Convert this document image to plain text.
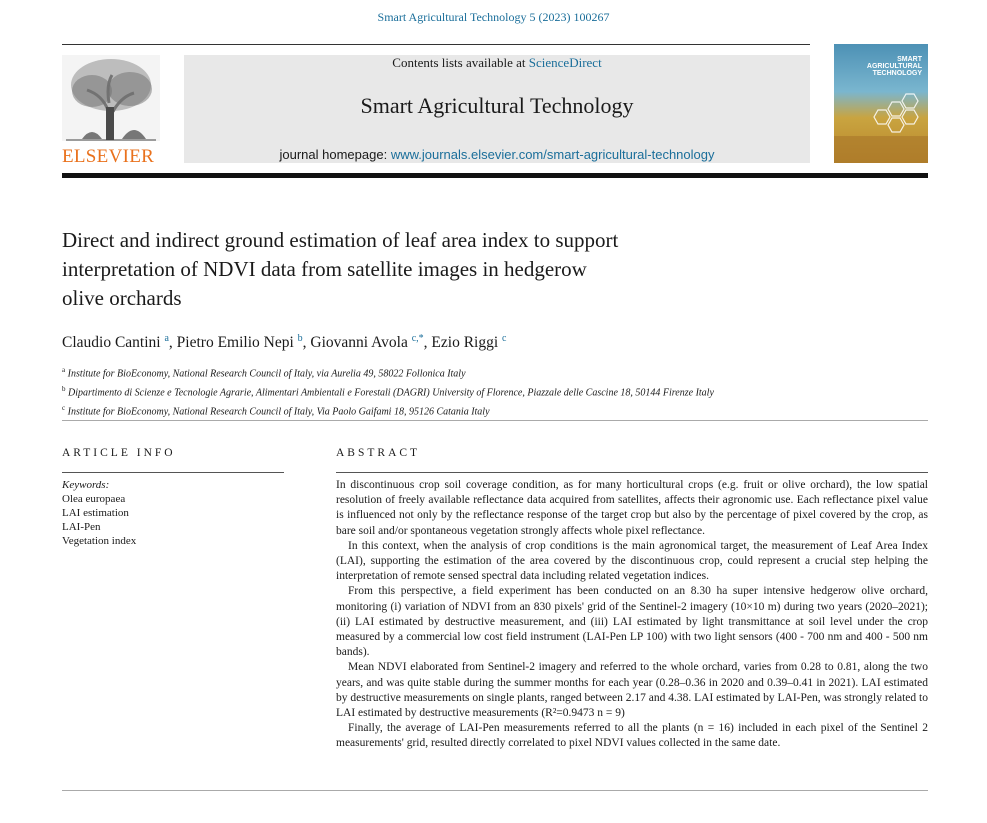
Smart Agricultural Technology 5 (2023) 100267
ELSEVIER
Contents lists available at ScienceDirect
Smart Agricultural Technology
journal homepage: www.journals.elsevier.com/smart-agricultural-technology
SMART
AGRICULTURAL
TECHNOLOGY
Direct and indirect ground estimation of leaf area index to support
interpretation of NDVI data from satellite images in hedgerow
olive orchards
Claudio Cantini $^a$, Pietro Emilio Nepi $^b$, Giovanni Avola $^{c,*}$, Ezio Riggi $^c$
$^a$ Institute for BioEconomy, National Research Council of Italy, via Aurelia 49, 58022 Follonica Italy
$^b$ Dipartimento di Scienze e Tecnologie Agrarie, Alimentari Ambientali e Forestali (DAGRI) University of Florence, Piazzale delle Cascine 18, 50144 Firenze Italy
$^c$ Institute for BioEconomy, National Research Council of Italy, Via Paolo Gaifami 18, 95126 Catania Italy
ARTICLE INFO	ABSTRACT
Keywords:
Olea europaea
LAI estimation
LAI-Pen
Vegetation index

In discontinuous crop soil coverage condition, as for many horticultural crops (e.g. fruit or olive orchard), the low spatial resolution of freely available reflectance data acquired from satellites, affects their agronomic use. Each reflectance pixel value is influenced not only by the reflectance response of the target crop but also by the percentage of pixel covered by the crop, as bare soil and/or spontaneous vegetation strongly affects whole pixel reflectance.

In this context, when the analysis of crop conditions is the main agronomical target, the measurement of Leaf Area Index (LAI), supporting the estimation of the area covered by the discontinuous crop, could represent a crucial step helping the interpretation of remote sensed spectral data including related vegetation indices.

From this perspective, a field experiment has been conducted on an 8.30 ha super intensive hedgerow olive orchard, monitoring (i) variation of NDVI from an 830 pixels' grid of the Sentinel-2 imagery (10×10 m) during two years (2020–2021); (ii) LAI estimated by destructive measurement, and (iii) LAI estimated by light transmittance at soil level under the crop measured by a commercial low cost field instrument (LAI-Pen LP 100) with two light sensors (400 - 700 nm and 400 - 500 nm bands).

Mean NDVI elaborated from Sentinel-2 imagery and referred to the whole orchard, varies from 0.28 to 0.81, along the two years, and was quite stable during the summer months for each year (0.28–0.36 in 2020 and 0.39–0.41 in 2021). LAI estimated by destructive measurements on single plants, ranged between 2.17 and 4.38. LAI estimated by LAI-Pen, was strongly related to LAI estimated by destructive measurements (R²=0.9473 n = 9)

Finally, the average of LAI-Pen measurements referred to all the plants (n = 16) included in each pixel of the Sentinel 2 measurements' grid, resulted directly correlated to pixel NDVI values collected in the same date.
